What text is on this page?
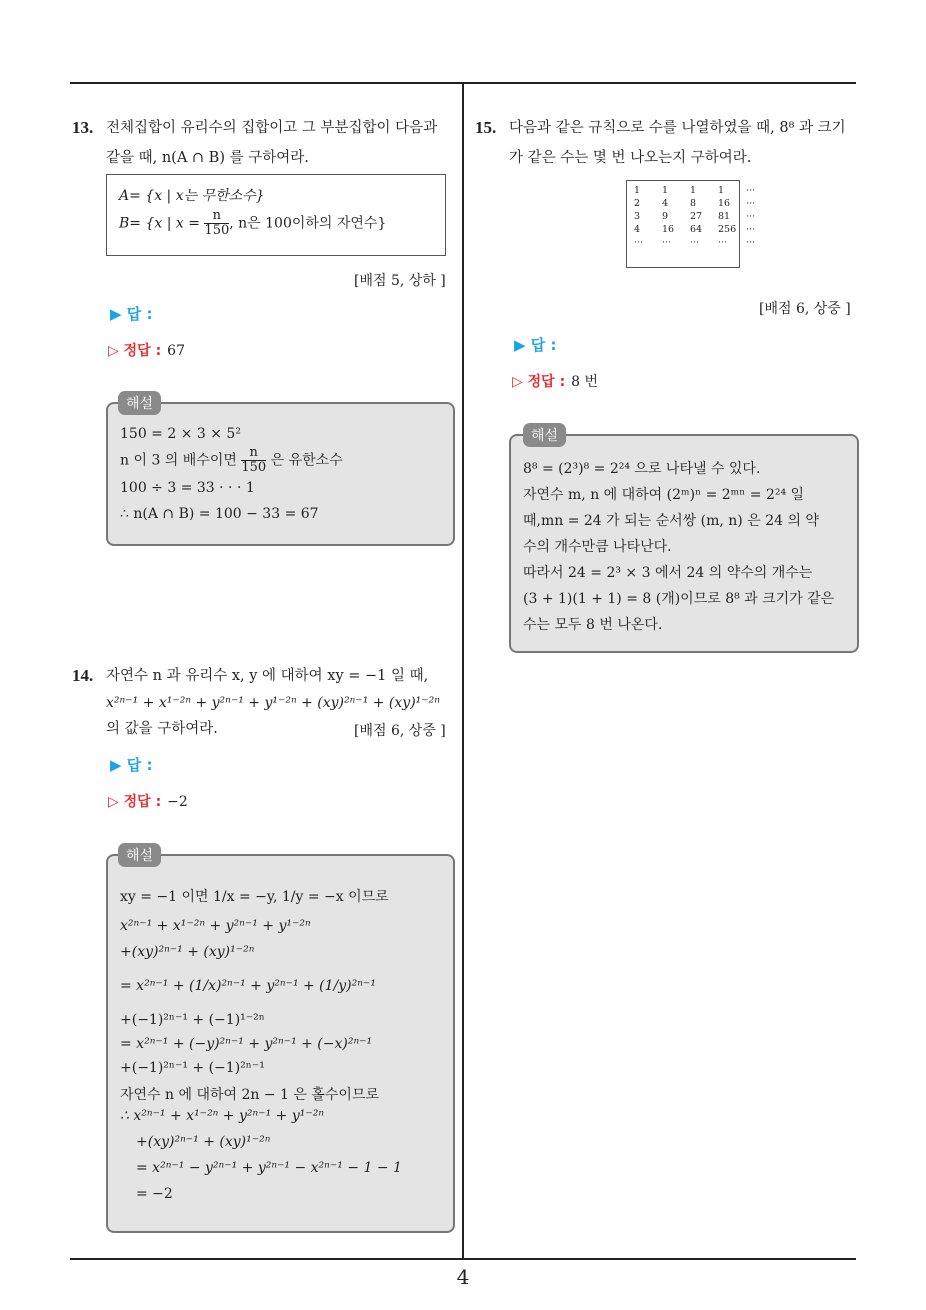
13. 전체집합이 유리수의 집합이고 그 부분집합이 다음과
같을 때, n(A ∩ B) 를 구하여라.
A= {x | x는 무한소수}
B= {x | $x = \frac{n}{150}$ , n은 100이하의 자연수}
[배점 5, 상하 ]
▶ 답 :
▷ 정답 : 67
150 = 2 × 3 × 5²
n 이 3 의 배수이면 $\frac{n}{150}$ 은 유한소수
100 ÷ 3 = 33 · · · 1
∴ n(A ∩ B) = 100 − 33 = 67
해설
14. 자연수 n 과 유리수 x, y 에 대하여 xy = −1 일 때,
x²ⁿ⁻¹ + x¹⁻²ⁿ + y²ⁿ⁻¹ + y¹⁻²ⁿ + (xy)²ⁿ⁻¹ + (xy)¹⁻²ⁿ
의 값을 구하여라.	[배점 6, 상중 ]
▶ 답 :
▷ 정답 : −2
xy = −1 이면 1/x = −y, 1/y = −x 이므로
x²ⁿ⁻¹ + x¹⁻²ⁿ + y²ⁿ⁻¹ + y¹⁻²ⁿ
+(xy)²ⁿ⁻¹ + (xy)¹⁻²ⁿ
= x²ⁿ⁻¹ + (1/x)²ⁿ⁻¹ + y²ⁿ⁻¹ + (1/y)²ⁿ⁻¹
+(−1)²ⁿ⁻¹ + (−1)¹⁻²ⁿ
= x²ⁿ⁻¹ + (−y)²ⁿ⁻¹ + y²ⁿ⁻¹ + (−x)²ⁿ⁻¹
+(−1)²ⁿ⁻¹ + (−1)²ⁿ⁻¹
자연수 n 에 대하여 2n − 1 은 홀수이므로
∴ x²ⁿ⁻¹ + x¹⁻²ⁿ + y²ⁿ⁻¹ + y¹⁻²ⁿ
+(xy)²ⁿ⁻¹ + (xy)¹⁻²ⁿ
= x²ⁿ⁻¹ − y²ⁿ⁻¹ + y²ⁿ⁻¹ − x²ⁿ⁻¹ − 1 − 1
= −2
해설
15. 다음과 같은 규칙으로 수를 나열하였을 때, 8⁸ 과 크기
가 같은 수는 몇 번 나오는지 구하여라.
1	1	1	1	···
2	4	8	16	···
3	9	27	81	···
4	16	64	256	···
···	···	···	···	···
[배점 6, 상중 ]
▶ 답 :
▷ 정답 : 8 번
8⁸ = (2³)⁸ = 2²⁴ 으로 나타낼 수 있다.
자연수 m, n 에 대하여 (2ᵐ)ⁿ = 2ᵐⁿ = 2²⁴ 일
때,mn = 24 가 되는 순서쌍 (m, n) 은 24 의 약
수의 개수만큼 나타난다.
따라서 24 = 2³ × 3 에서 24 의 약수의 개수는
(3 + 1)(1 + 1) = 8 (개)이므로 8⁸ 과 크기가 같은
수는 모두 8 번 나온다.
해설
4
